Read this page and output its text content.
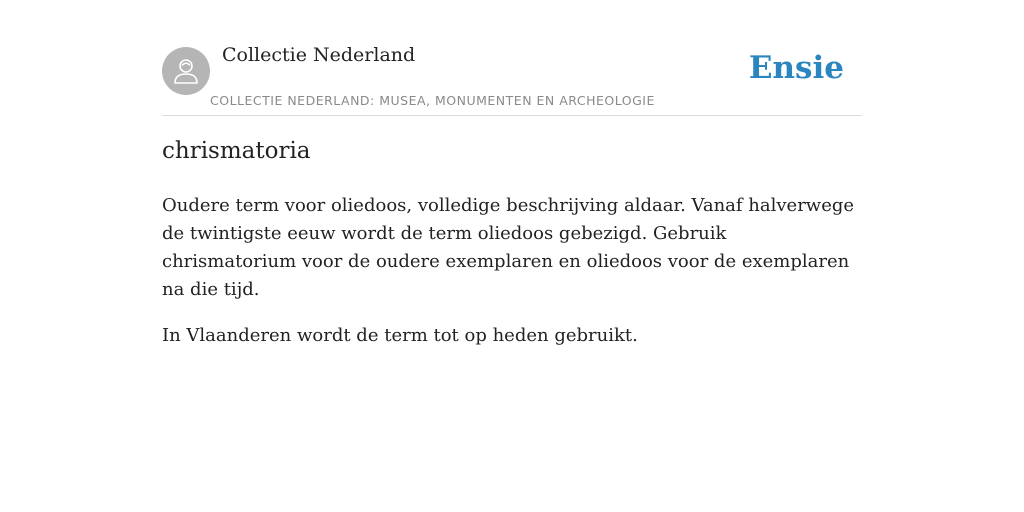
Collectie Nederland
COLLECTIE NEDERLAND: MUSEA, MONUMENTEN EN ARCHEOLOGIE
Ensie
chrismatoria

Oudere term voor oliedoos, volledige beschrijving aldaar. Vanaf halverwege de twintigste eeuw wordt de term oliedoos gebezigd. Gebruik chrismatorium voor de oudere exemplaren en oliedoos voor de exemplaren na die tijd.

In Vlaanderen wordt de term tot op heden gebruikt.
